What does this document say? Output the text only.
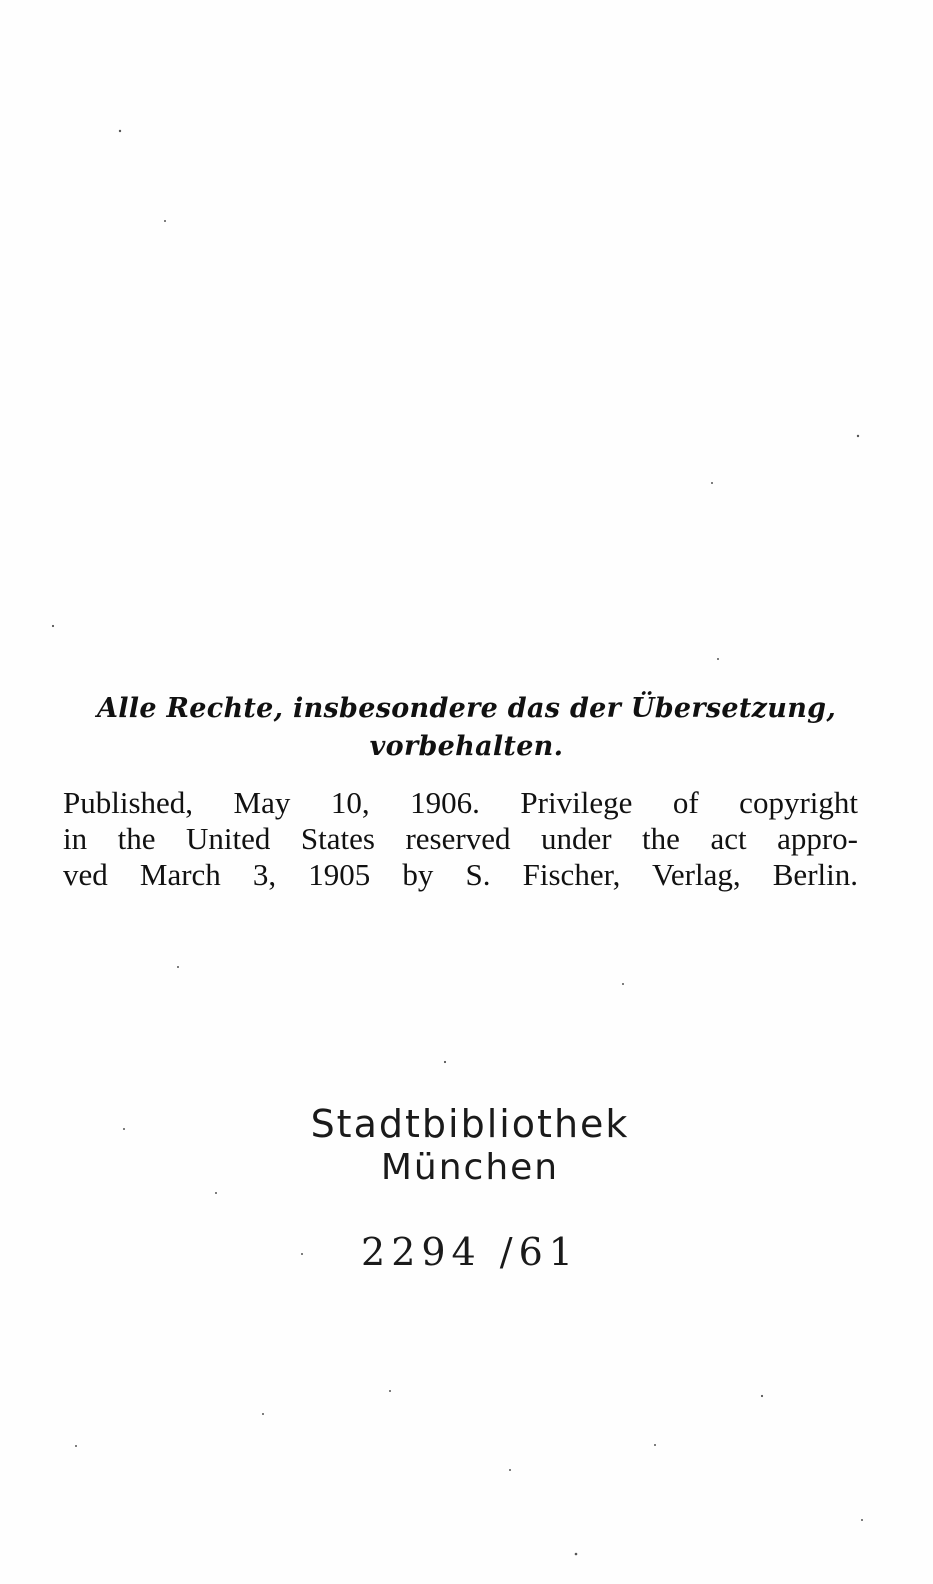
Alle Rechte, insbesondere das der Übersetzung,
vorbehalten.
Published, May 10, 1906. Privilege of copyright
in the United States reserved under the act appro-
ved March 3, 1905 by S. Fischer, Verlag, Berlin.
Stadtbibliothek
München
2294 /61
